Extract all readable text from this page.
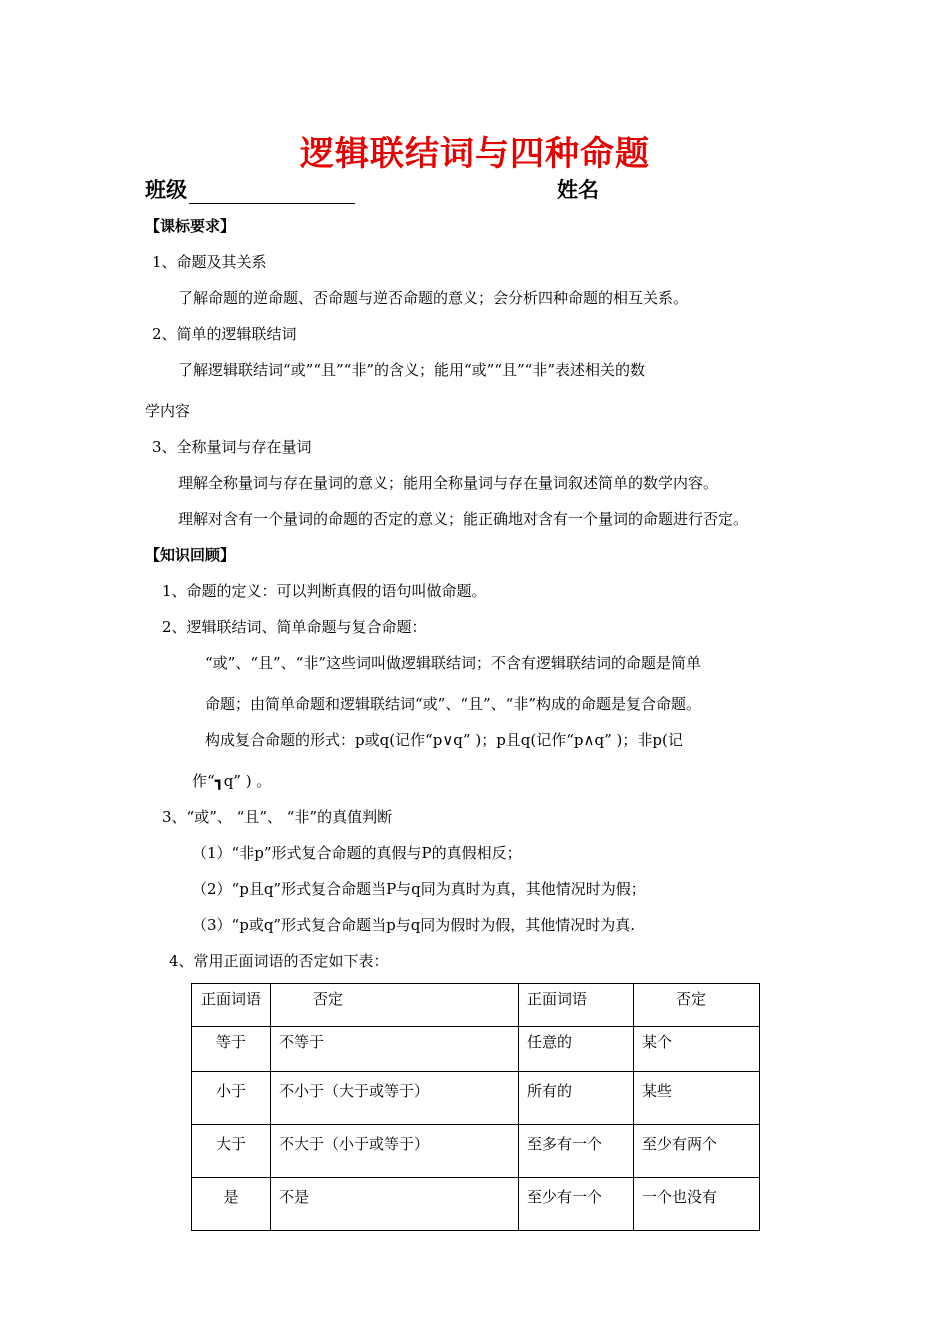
逻辑联结词与四种命题
班级	姓名
【课标要求】
1、命题及其关系
了解命题的逆命题、否命题与逆否命题的意义；会分析四种命题的相互关系。
2、简单的逻辑联结词
了解逻辑联结词“或”“且”“非”的含义；能用“或”“且”“非”表述相关的数
学内容
3、全称量词与存在量词
理解全称量词与存在量词的意义；能用全称量词与存在量词叙述简单的数学内容。
理解对含有一个量词的命题的否定的意义；能正确地对含有一个量词的命题进行否定。
【知识回顾】
1、命题的定义：可以判断真假的语句叫做命题。
2、逻辑联结词、简单命题与复合命题：
“或”、“且”、“非”这些词叫做逻辑联结词；不含有逻辑联结词的命题是简单
命题；由简单命题和逻辑联结词“或”、“且”、“非”构成的命题是复合命题。
构成复合命题的形式：p或q(记作“p∨q” )；p且q(记作“p∧q” )；非p(记
作“┓q” ) 。
3、“或”、 “且”、 “非”的真值判断
（1）“非p”形式复合命题的真假与P的真假相反；
（2）“p且q”形式复合命题当P与q同为真时为真，其他情况时为假；
（3）“p或q”形式复合命题当p与q同为假时为假，其他情况时为真.
4、常用正面词语的否定如下表：
正面词语	否定	正面词语	否定
等于	不等于	任意的	某个
小于	不小于（大于或等于）	所有的	某些
大于	不大于（小于或等于）	至多有一个	至少有两个
是	不是	至少有一个	一个也没有
